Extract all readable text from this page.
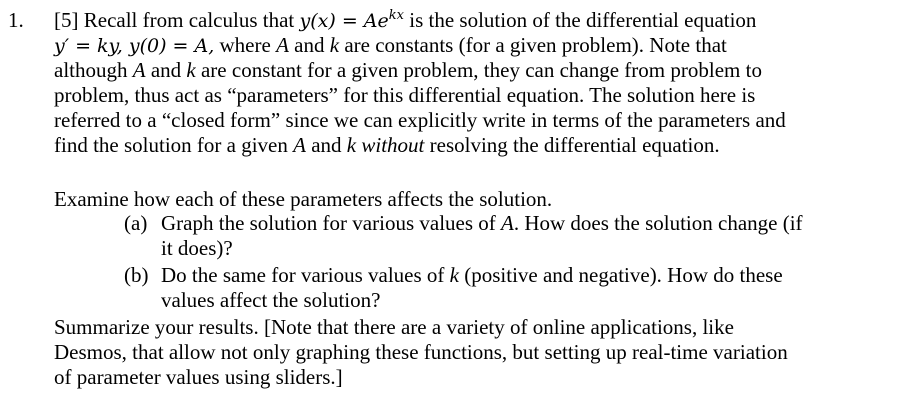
1. [5] Recall from calculus that $y(x) = Ae^{kx}$ is the solution of the differential equation
y′ = ky, y(0) = A, where A and k are constants (for a given problem). Note that
although A and k are constant for a given problem, they can change from problem to
problem, thus act as “parameters” for this differential equation. The solution here is
referred to a “closed form” since we can explicitly write in terms of the parameters and
find the solution for a given A and k without resolving the differential equation.
Examine how each of these parameters affects the solution.
(a) Graph the solution for various values of A. How does the solution change (if
it does)?
(b) Do the same for various values of k (positive and negative). How do these
values affect the solution?
Summarize your results. [Note that there are a variety of online applications, like
Desmos, that allow not only graphing these functions, but setting up real-time variation
of parameter values using sliders.]
